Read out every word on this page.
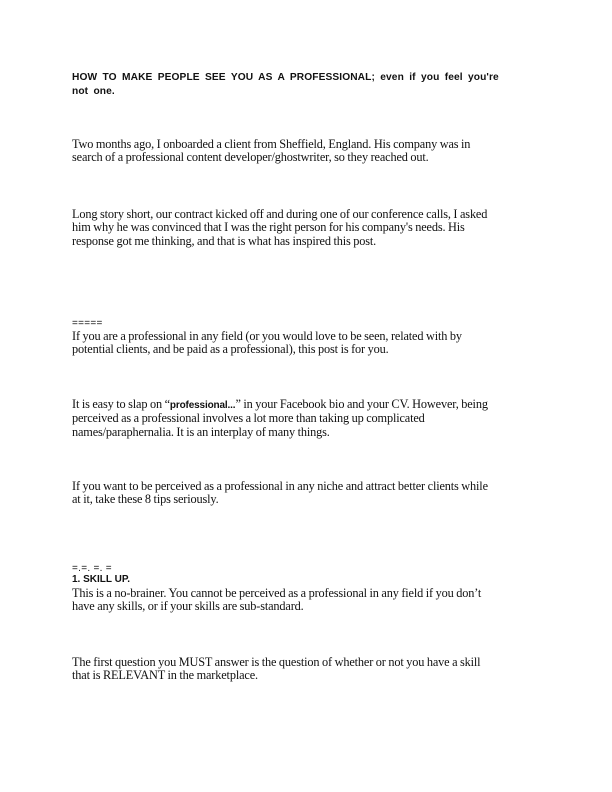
HOW TO MAKE PEOPLE SEE YOU AS A PROFESSIONAL; even if you feel you're
not one.
Two months ago, I onboarded a client from Sheffield, England. His company was in
search of a professional content developer/ghostwriter, so they reached out.
Long story short, our contract kicked off and during one of our conference calls, I asked
him why he was convinced that I was the right person for his company's needs. His
response got me thinking, and that is what has inspired this post.
=====
If you are a professional in any field (or you would love to be seen, related with by
potential clients, and be paid as a professional), this post is for you.
It is easy to slap on “professional...” in your Facebook bio and your CV. However, being
perceived as a professional involves a lot more than taking up complicated
names/paraphernalia. It is an interplay of many things.
If you want to be perceived as a professional in any niche and attract better clients while
at it, take these 8 tips seriously.
=.=. =. =
1. SKILL UP.
This is a no-brainer. You cannot be perceived as a professional in any field if you don’t
have any skills, or if your skills are sub-standard.
The first question you MUST answer is the question of whether or not you have a skill
that is RELEVANT in the marketplace.
